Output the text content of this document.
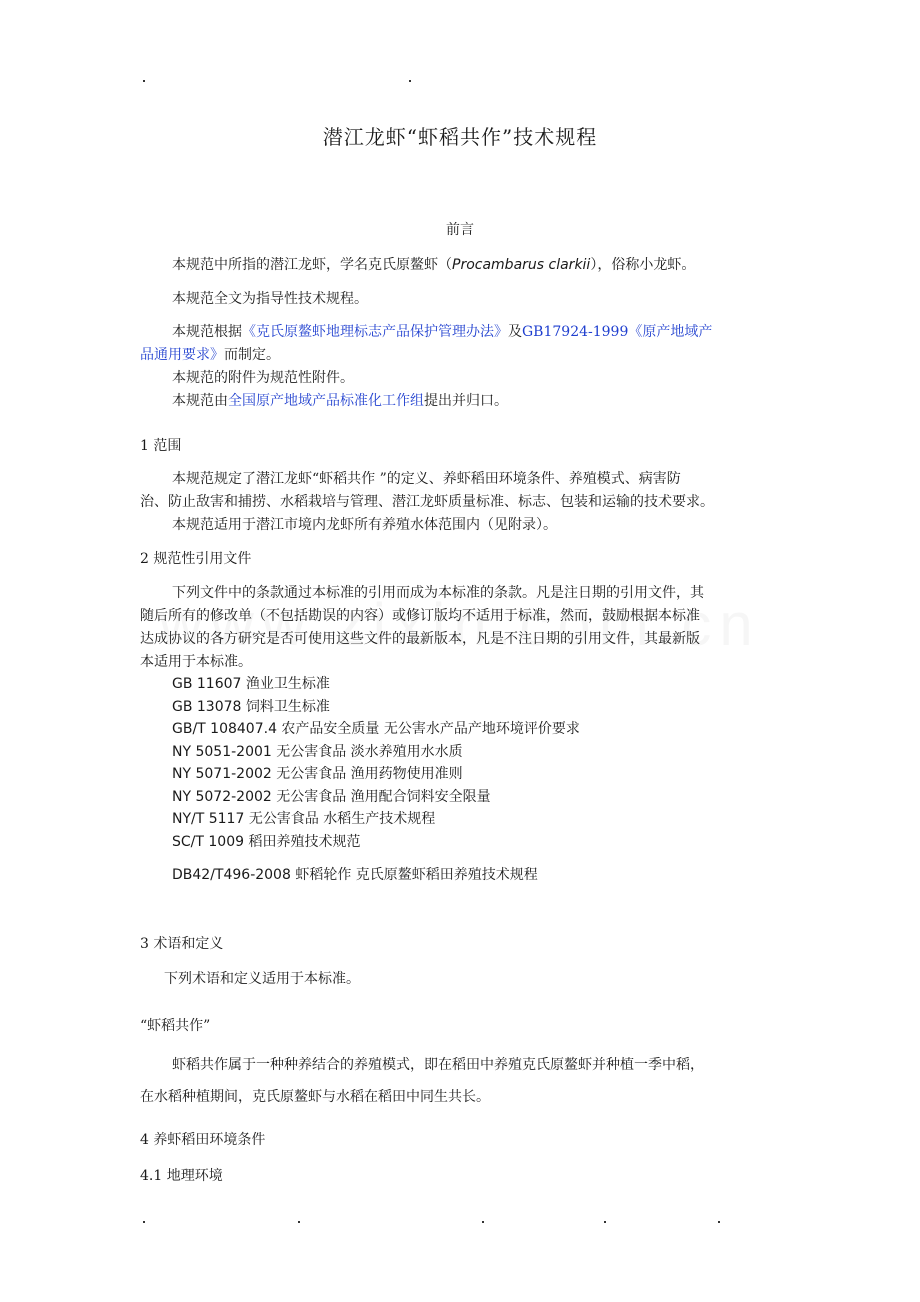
潜江龙虾“虾稻共作”技术规程
前言
本规范中所指的潜江龙虾，学名克氏原鳌虾（Procambarus clarkii），俗称小龙虾。
本规范全文为指导性技术规程。
本规范根据《克氏原鳌虾地理标志产品保护管理办法》及GB17924-1999《原产地域产
品通用要求》而制定。
本规范的附件为规范性附件。
本规范由全国原产地域产品标准化工作组提出并归口。
1 范围
本规范规定了潜江龙虾“虾稻共作 ”的定义、养虾稻田环境条件、养殖模式、病害防
治、防止敌害和捕捞、水稻栽培与管理、潜江龙虾质量标准、标志、包装和运输的技术要求。
本规范适用于潜江市境内龙虾所有养殖水体范围内（见附录）。
2 规范性引用文件
下列文件中的条款通过本标准的引用而成为本标准的条款。凡是注日期的引用文件，其
随后所有的修改单（不包括勘误的内容）或修订版均不适用于标准，然而，鼓励根据本标准
达成协议的各方研究是否可使用这些文件的最新版本，凡是不注日期的引用文件，其最新版
本适用于本标准。
GB 11607 渔业卫生标准
GB 13078 饲料卫生标准
GB/T 108407.4 农产品安全质量 无公害水产品产地环境评价要求
NY 5051-2001 无公害食品 淡水养殖用水水质
NY 5071-2002 无公害食品 渔用药物使用准则
NY 5072-2002 无公害食品 渔用配合饲料安全限量
NY/T 5117 无公害食品 水稻生产技术规程
SC/T 1009 稻田养殖技术规范
DB42/T496-2008 虾稻轮作 克氏原鳌虾稻田养殖技术规程
3 术语和定义
下列术语和定义适用于本标准。
“虾稻共作”
虾稻共作属于一种种养结合的养殖模式，即在稻田中养殖克氏原鳌虾并种植一季中稻，
在水稻种植期间，克氏原鳌虾与水稻在稻田中同生共长。
4 养虾稻田环境条件
4.1 地理环境
